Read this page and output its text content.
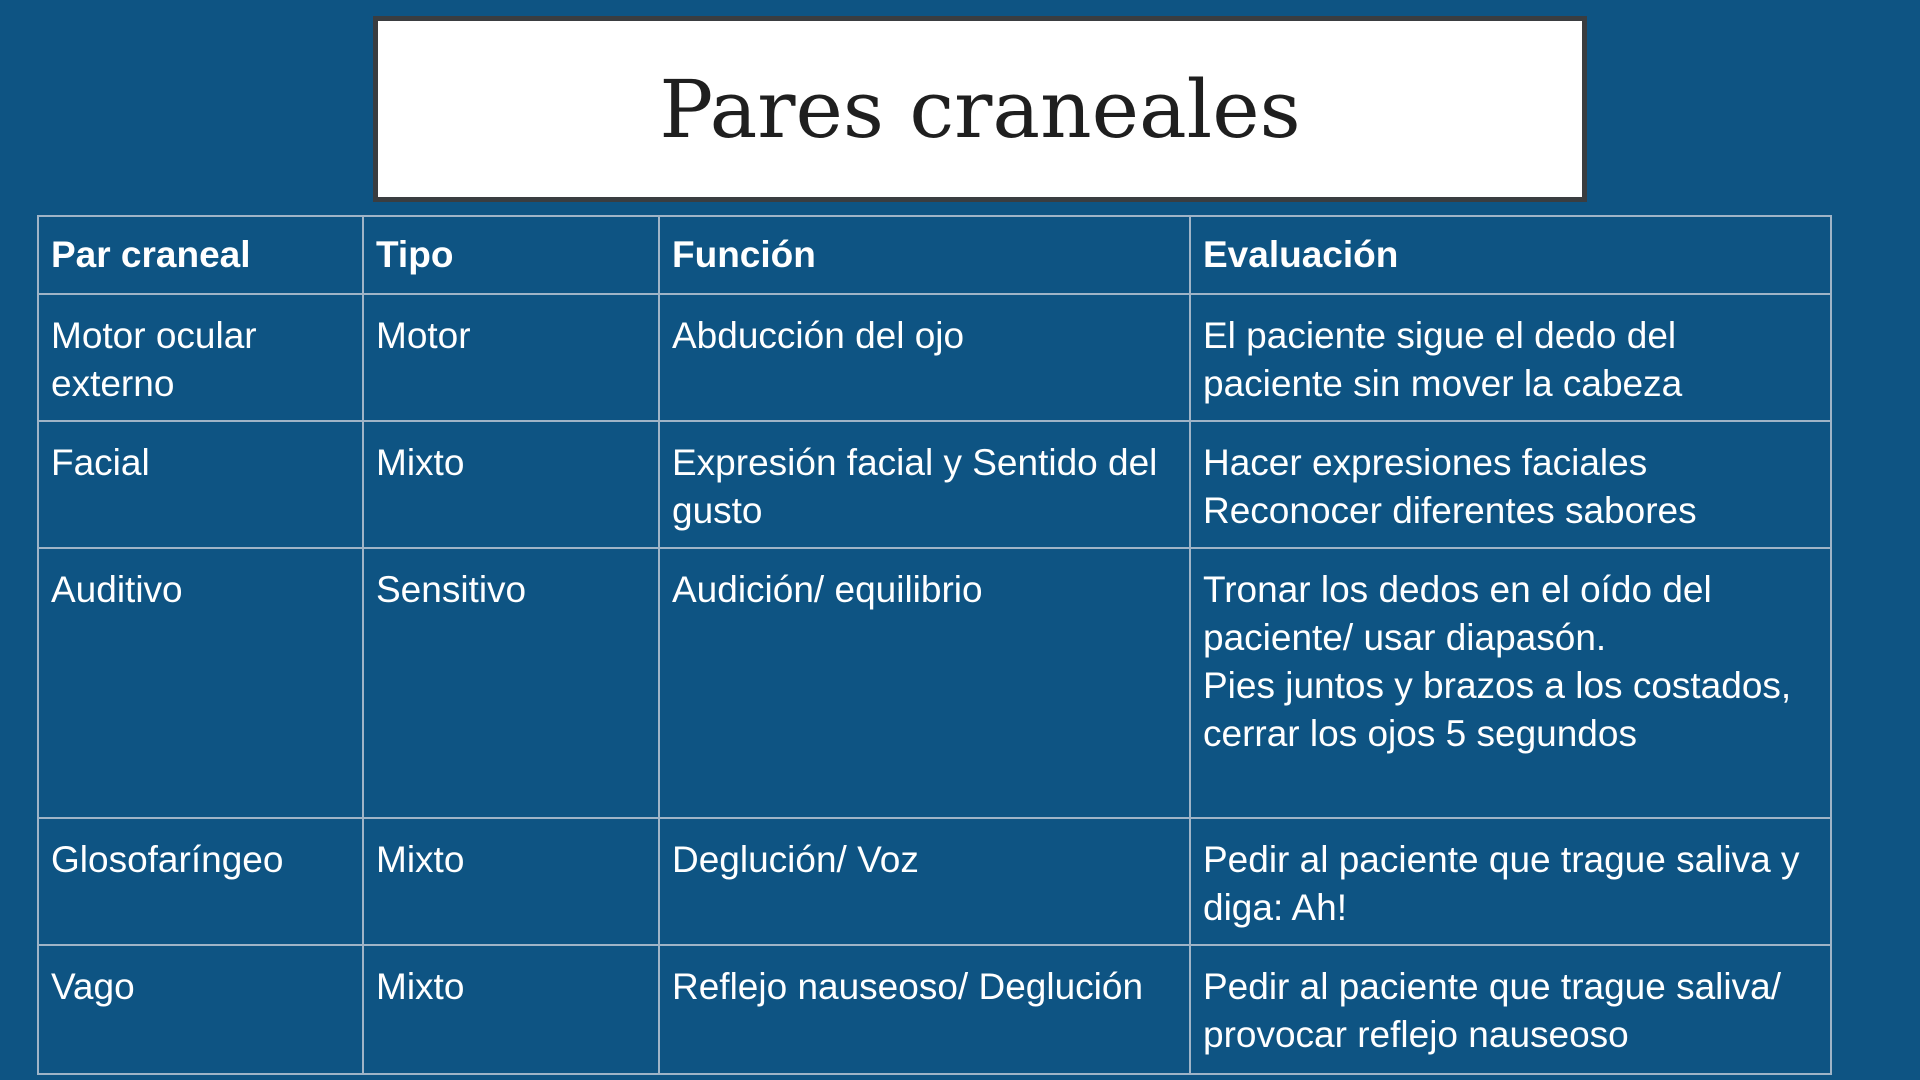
Pares craneales
Par craneal	Tipo	Función	Evaluación
Motor ocular externo	Motor	Abducción del ojo	El paciente sigue el dedo del paciente sin mover la cabeza

Facial	Mixto	Expresión facial y Sentido del gusto	Hacer expresiones faciales
Reconocer diferentes sabores

Auditivo	Sensitivo	Audición/ equilibrio	Tronar los dedos en el oído del paciente/ usar diapasón.
Pies juntos y brazos a los costados, cerrar los ojos 5 segundos

Glosofaríngeo	Mixto	Deglución/ Voz	Pedir al paciente que trague saliva y diga: Ah!

Vago	Mixto	Reflejo nauseoso/ Deglución	Pedir al paciente que trague saliva/ provocar reflejo nauseoso
